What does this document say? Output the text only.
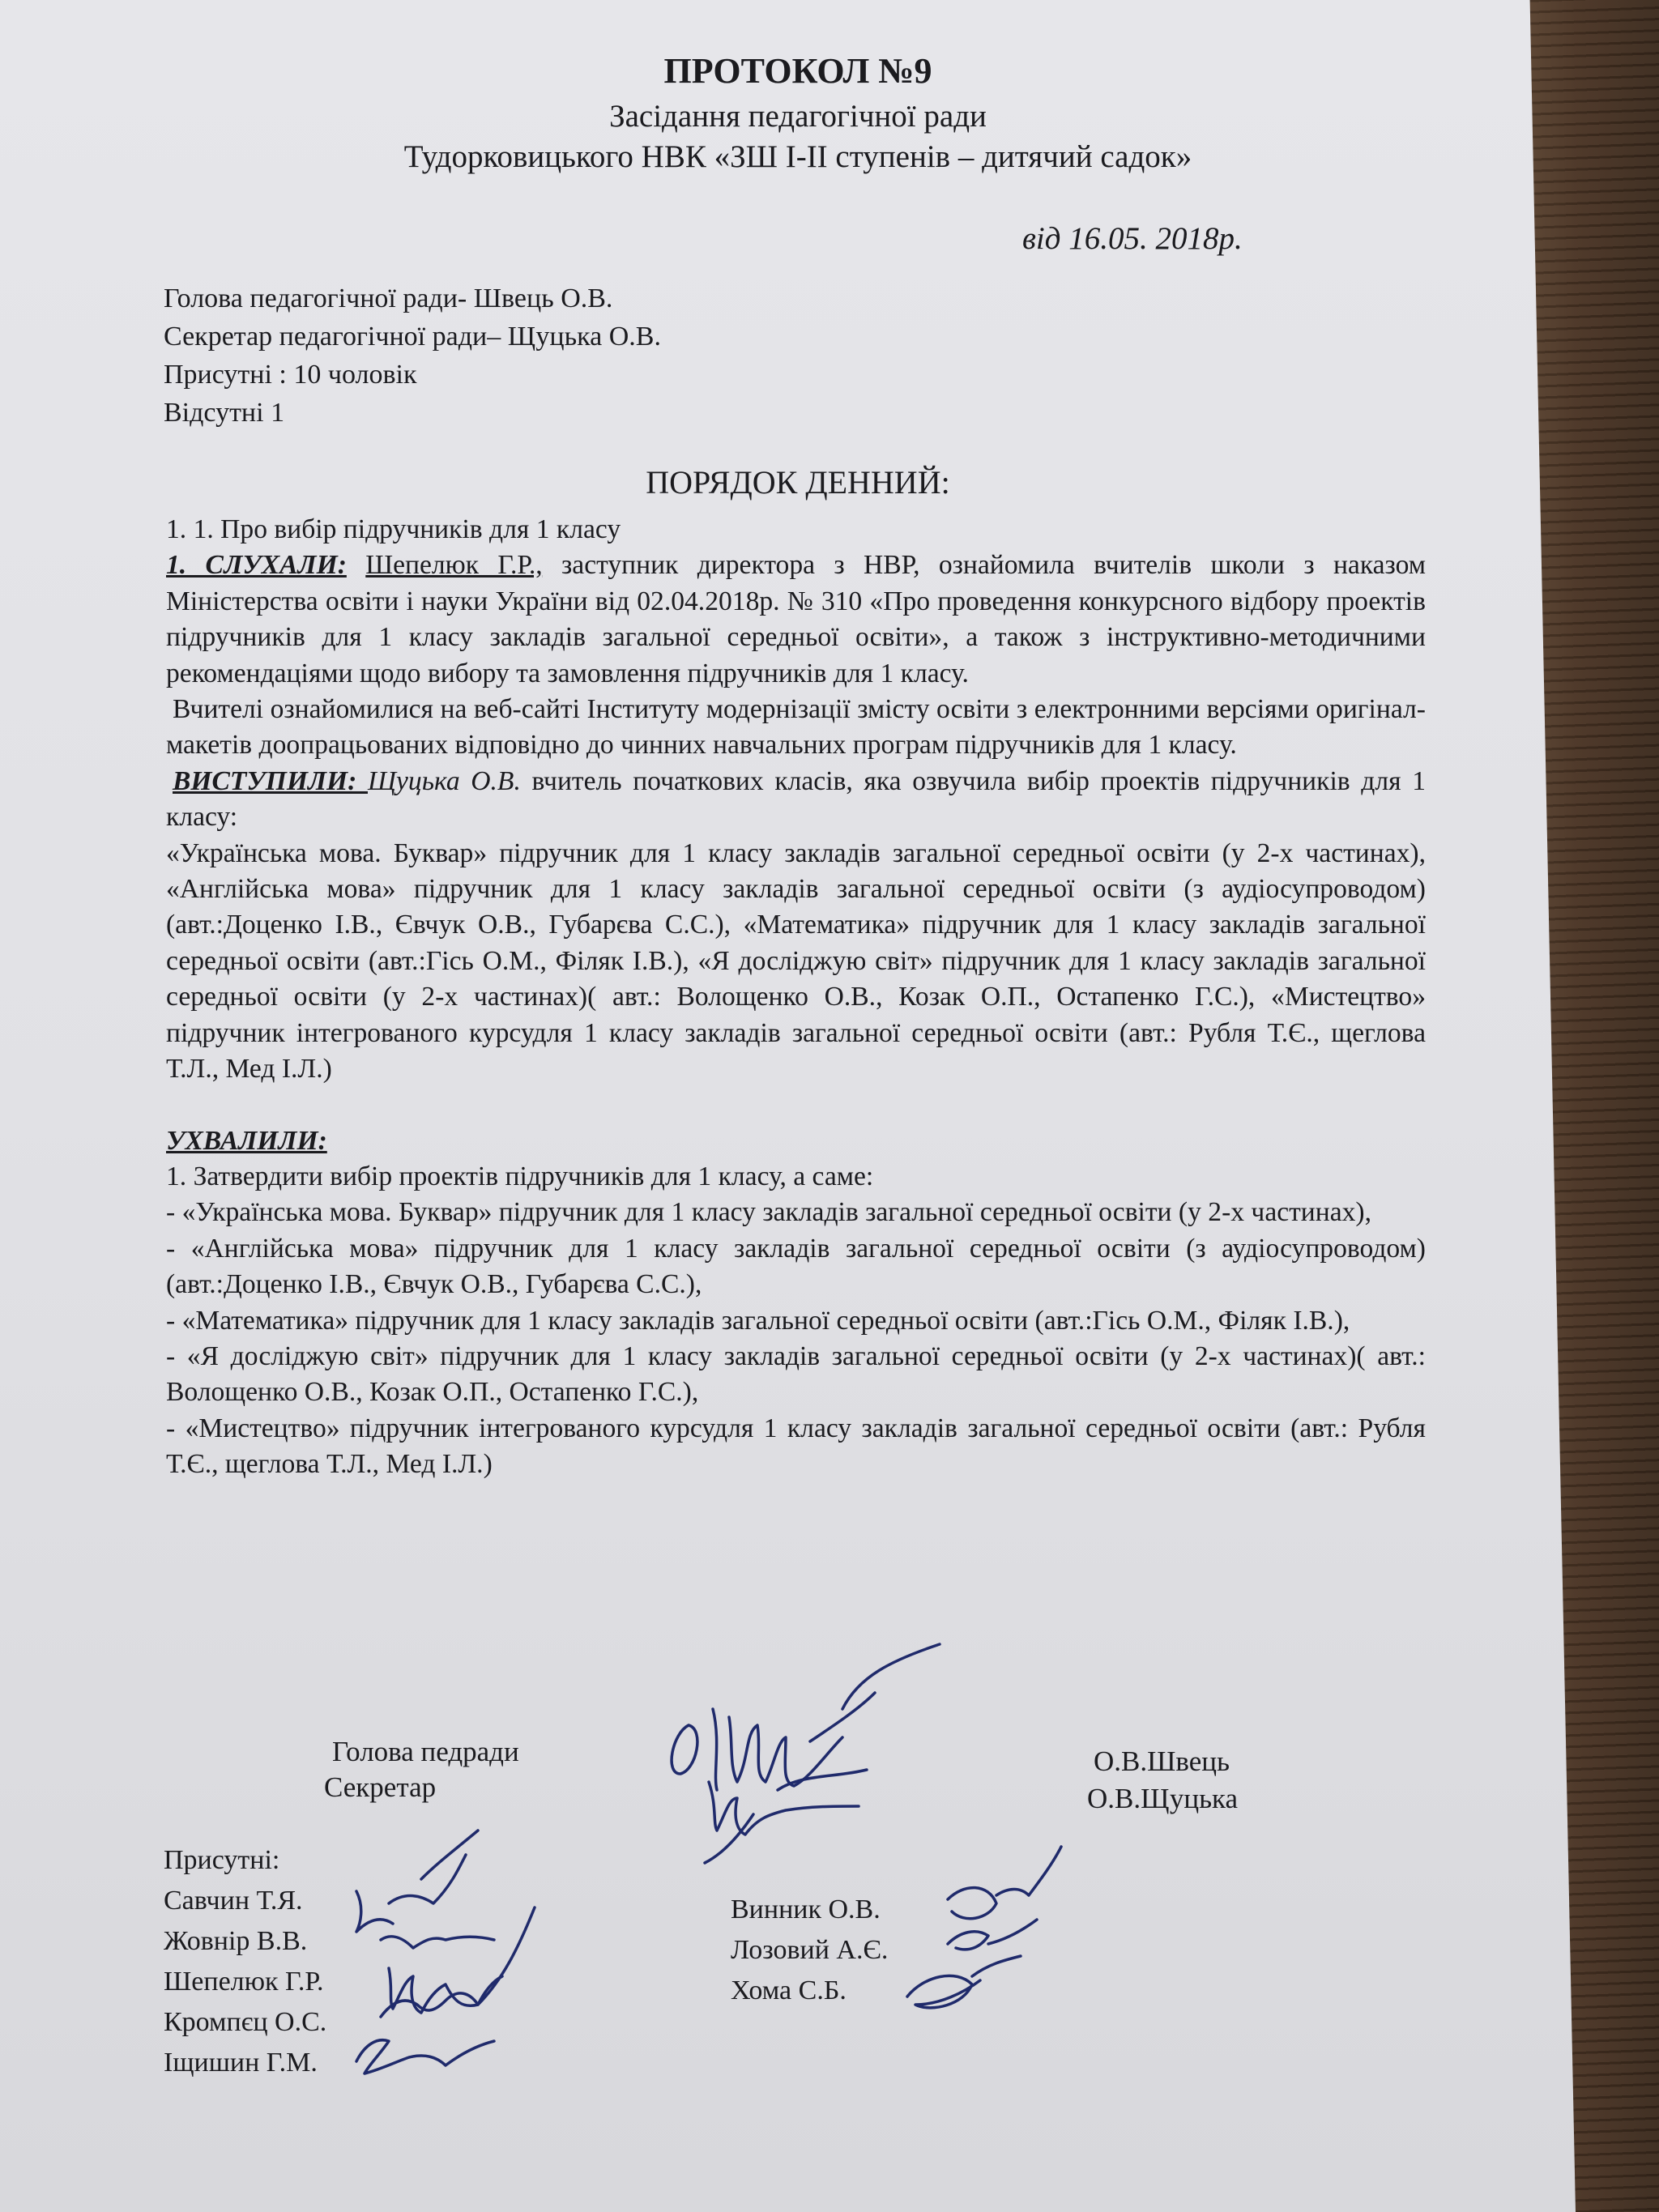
ПРОТОКОЛ №9
Засідання педагогічної ради
Тудорковицького НВК «ЗШ І-ІІ ступенів – дитячий садок»
від 16.05. 2018р.
Голова педагогічної ради- Швець О.В.
Секретар педагогічної ради– Щуцька О.В.
Присутні : 10 чоловік
Відсутні 1
ПОРЯДОК ДЕННИЙ:

1. 1. Про вибір підручників для 1 класу

1. СЛУХАЛИ: Шепелюк Г.Р., заступник директора з НВР, ознайомила вчителів школи з наказом Міністерства освіти і науки України від 02.04.2018р. № 310 «Про проведення конкурсного відбору проектів підручників для 1 класу закладів загальної середньої освіти», а також з інструктивно-методичними рекомендаціями щодо вибору та замовлення підручників для 1 класу.

Вчителі ознайомилися на веб-сайті Інституту модернізації змісту освіти з електронними версіями оригінал-макетів доопрацьованих відповідно до чинних навчальних програм підручників для 1 класу.

ВИСТУПИЛИ: Щуцька О.В. вчитель початкових класів, яка озвучила вибір проектів підручників для 1 класу:

«Українська мова. Буквар» підручник для 1 класу закладів загальної середньої освіти (у 2-х частинах), «Англійська мова» підручник для 1 класу закладів загальної середньої освіти (з аудіосупроводом) (авт.:Доценко І.В., Євчук О.В., Губарєва С.С.), «Математика» підручник для 1 класу закладів загальної середньої освіти (авт.:Гісь О.М., Філяк І.В.), «Я досліджую світ» підручник для 1 класу закладів загальної середньої освіти (у 2-х частинах)( авт.: Волощенко О.В., Козак О.П., Остапенко Г.С.), «Мистецтво» підручник інтегрованого курсудля 1 класу закладів загальної середньої освіти (авт.: Рубля Т.Є., щеглова Т.Л., Мед І.Л.)

УХВАЛИЛИ:

1. Затвердити вибір проектів підручників для 1 класу, а саме:

- «Українська мова. Буквар» підручник для 1 класу закладів загальної середньої освіти (у 2-х частинах),

- «Англійська мова» підручник для 1 класу закладів загальної середньої освіти (з аудіосупроводом) (авт.:Доценко І.В., Євчук О.В., Губарєва С.С.),

- «Математика» підручник для 1 класу закладів загальної середньої освіти (авт.:Гісь О.М., Філяк І.В.),

- «Я досліджую світ» підручник для 1 класу закладів загальної середньої освіти (у 2-х частинах)( авт.: Волощенко О.В., Козак О.П., Остапенко Г.С.),

- «Мистецтво» підручник інтегрованого курсудля 1 класу закладів загальної середньої освіти (авт.: Рубля Т.Є., щеглова Т.Л., Мед І.Л.)

Голова педради
Секретар
О.В.Швець
О.В.Щуцька
Присутні:
Савчин Т.Я.
Жовнір В.В.
Шепелюк Г.Р.
Кромпєц О.С.
Іщишин Г.М.
Винник О.В.
Лозовий А.Є.
Хома С.Б.
